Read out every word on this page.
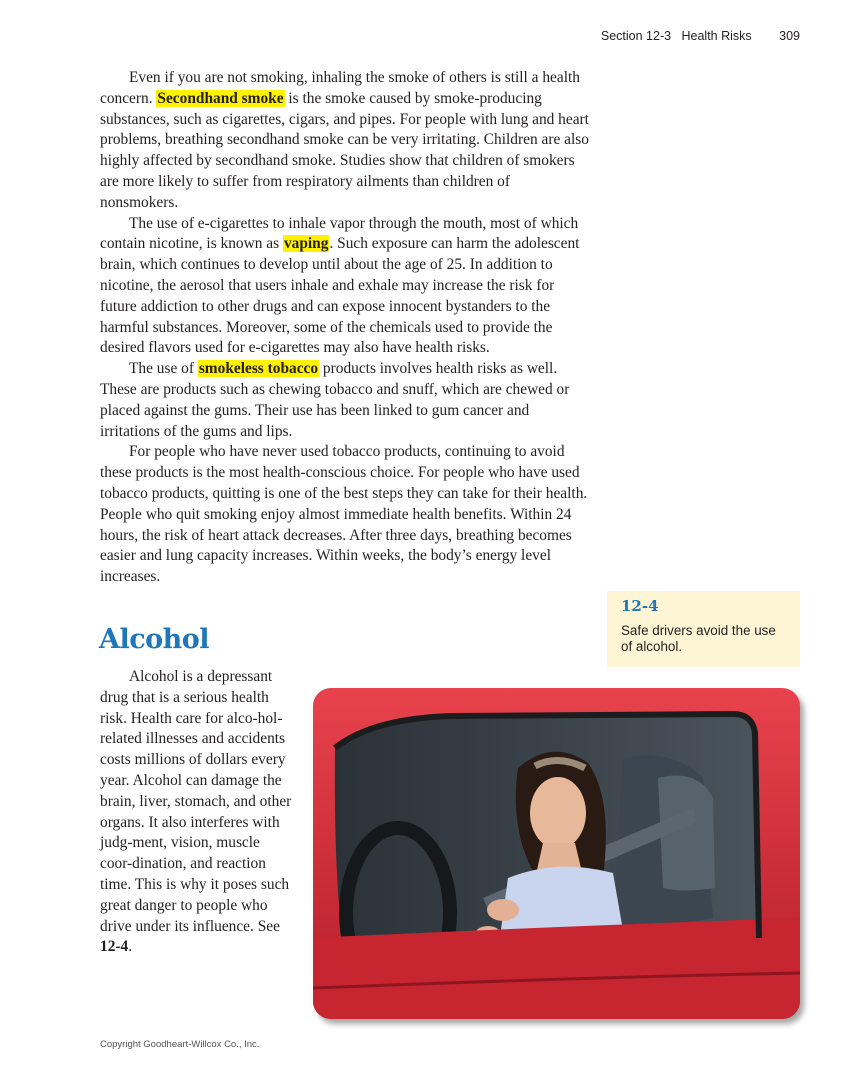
Section 12-3 Health Risks 309

Even if you are not smoking, inhaling the smoke of others is still a health concern. Secondhand smoke is the smoke caused by smoke-producing substances, such as cigarettes, cigars, and pipes. For people with lung and heart problems, breathing secondhand smoke can be very irritating. Children are also highly affected by secondhand smoke. Studies show that children of smokers are more likely to suffer from respiratory ailments than children of nonsmokers.

The use of e-cigarettes to inhale vapor through the mouth, most of which contain nicotine, is known as vaping. Such exposure can harm the adolescent brain, which continues to develop until about the age of 25. In addition to nicotine, the aerosol that users inhale and exhale may increase the risk for future addiction to other drugs and can expose innocent bystanders to the harmful substances. Moreover, some of the chemicals used to provide the desired flavors used for e-cigarettes may also have health risks.

The use of smokeless tobacco products involves health risks as well. These are products such as chewing tobacco and snuff, which are chewed or placed against the gums. Their use has been linked to gum cancer and irritations of the gums and lips.

For people who have never used tobacco products, continuing to avoid these products is the most health-conscious choice. For people who have used tobacco products, quitting is one of the best steps they can take for their health. People who quit smoking enjoy almost immediate health benefits. Within 24 hours, the risk of heart attack decreases. After three days, breathing becomes easier and lung capacity increases. Within weeks, the body’s energy level increases.

Alcohol

Alcohol is a depressant drug that is a serious health risk. Health care for alco-hol-related illnesses and accidents costs millions of dollars every year. Alcohol can damage the brain, liver, stomach, and other organs. It also interferes with judg-ment, vision, muscle coor-dination, and reaction time. This is why it poses such great danger to people who drive under its influence. See 12-4.

12-4

Safe drivers avoid the use of alcohol.

Copyright Goodheart-Willcox Co., Inc.
